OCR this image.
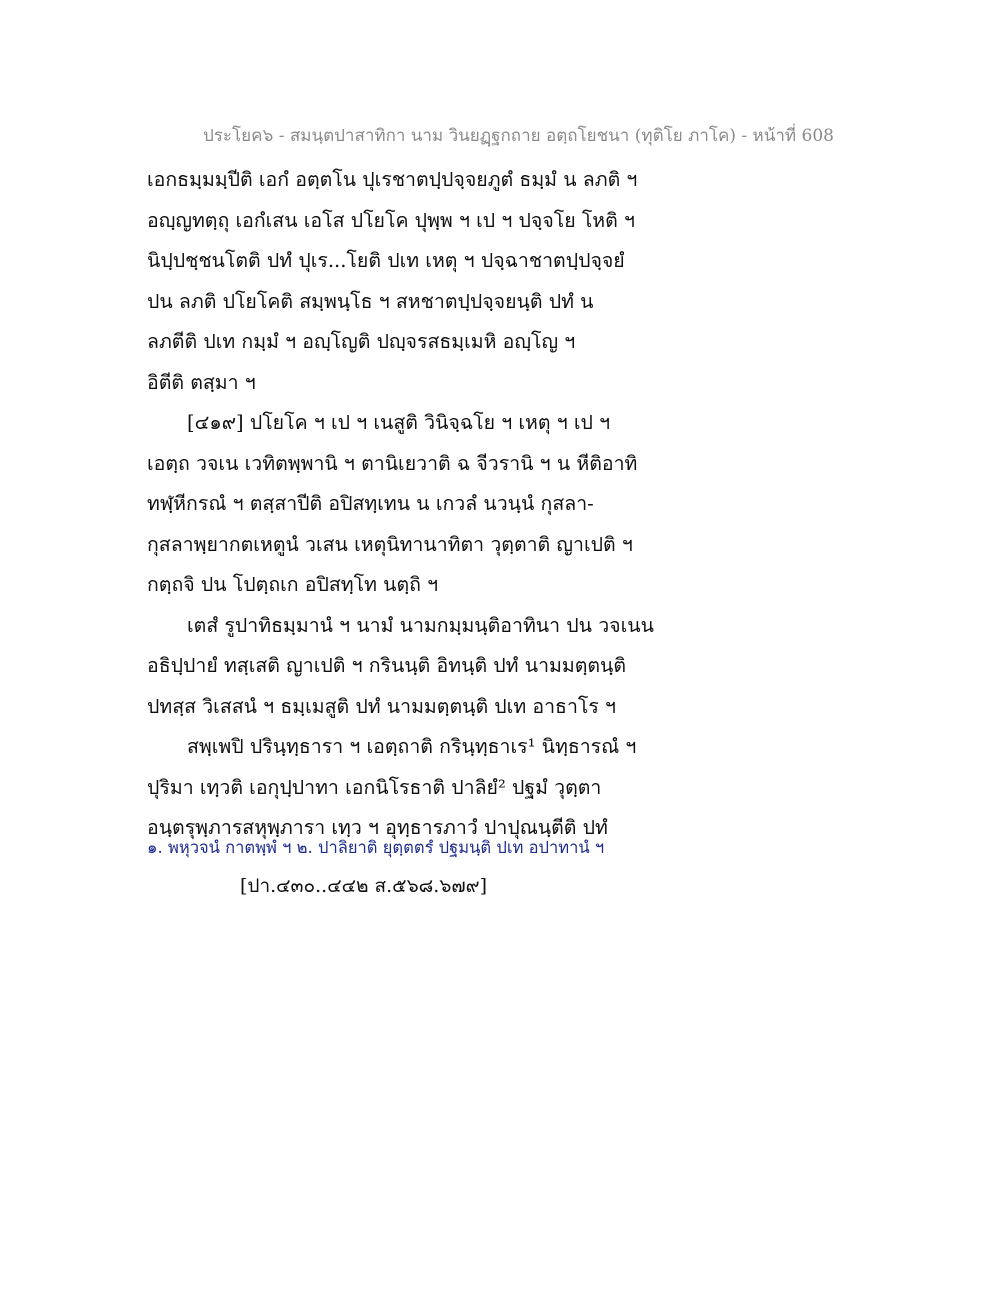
ประโยค๖ - สมนฺตปาสาทิกา นาม วินยฏฺฐกถาย อตฺถโยชนา (ทุติโย ภาโค) - หน้าที่ 608
เอกธมฺมมฺปีติ เอกํ อตฺตโน ปุเรชาตปฺปจฺจยภูตํ ธมฺมํ น ลภติ ฯ
อญฺญทตฺถุ เอกํเสน เอโส ปโยโค ปุพฺพ ฯ เป ฯ ปจฺจโย โหติ ฯ
นิปฺปชฺชนโตติ ปทํ ปุเร...โยติ ปเท เหตุ ฯ ปจฺฉาชาตปฺปจฺจยํ
ปน ลภติ ปโยโคติ สมฺพนฺโธ ฯ สหชาตปฺปจฺจยนฺติ ปทํ น
ลภตีติ ปเท กมฺมํ ฯ อญฺโญติ ปญฺจรสธมฺเมหิ อญฺโญ ฯ
อิตีติ ตสฺมา ฯ
[๔๑๙] ปโยโค ฯ เป ฯ เนสูติ วินิจฺฉโย ฯ เหตุ ฯ เป ฯ
เอตฺถ วจเน เวทิตพฺพานิ ฯ ตานิเยวาติ ฉ จีวรานิ ฯ น หีติอาทิ
ทฬฺหีกรณํ ฯ ตสฺสาปีติ อปิสทฺเทน น เกวลํ นวนฺนํ กุสลา-
กุสลาพฺยากตเหตูนํ วเสน เหตุนิทานาทิตา วุตฺตาติ ญาเปติ ฯ
กตฺถจิ ปน โปตฺถเก อปิสทฺโท นตฺถิ ฯ
เตสํ รูปาทิธมฺมานํ ฯ นามํ นามกมฺมนฺติอาทินา ปน วจเนน
อธิปฺปายํ ทสฺเสติ ญาเปติ ฯ กรินนฺติ อิทนฺติ ปทํ นามมตฺตนฺติ
ปทสฺส วิเสสนํ ฯ ธมฺเมสูติ ปทํ นามมตฺตนฺติ ปเท อาธาโร ฯ
สพฺเพปิ ปรินฺทฺธารา ฯ เอตฺถาติ กรินฺทฺธาเร¹ นิทฺธารณํ ฯ
ปุริมา เทฺวติ เอกุปฺปาทา เอกนิโรธาติ ปาลิยํ² ปฐมํ วุตฺตา
อนฺตรุพฺภารสหุพฺภารา เทฺว ฯ อุทฺธารภาวํ ปาปุณนฺตีติ ปทํ
๑. พหุวจนํ กาตพฺพํ ฯ ๒. ปาลิยาติ ยุตฺตตรํ ปฐมนฺติ ปเท อปาทานํ ฯ
[ปา.๔๓๐..๔๔๒ ส.๕๖๘.๖๗๙]
